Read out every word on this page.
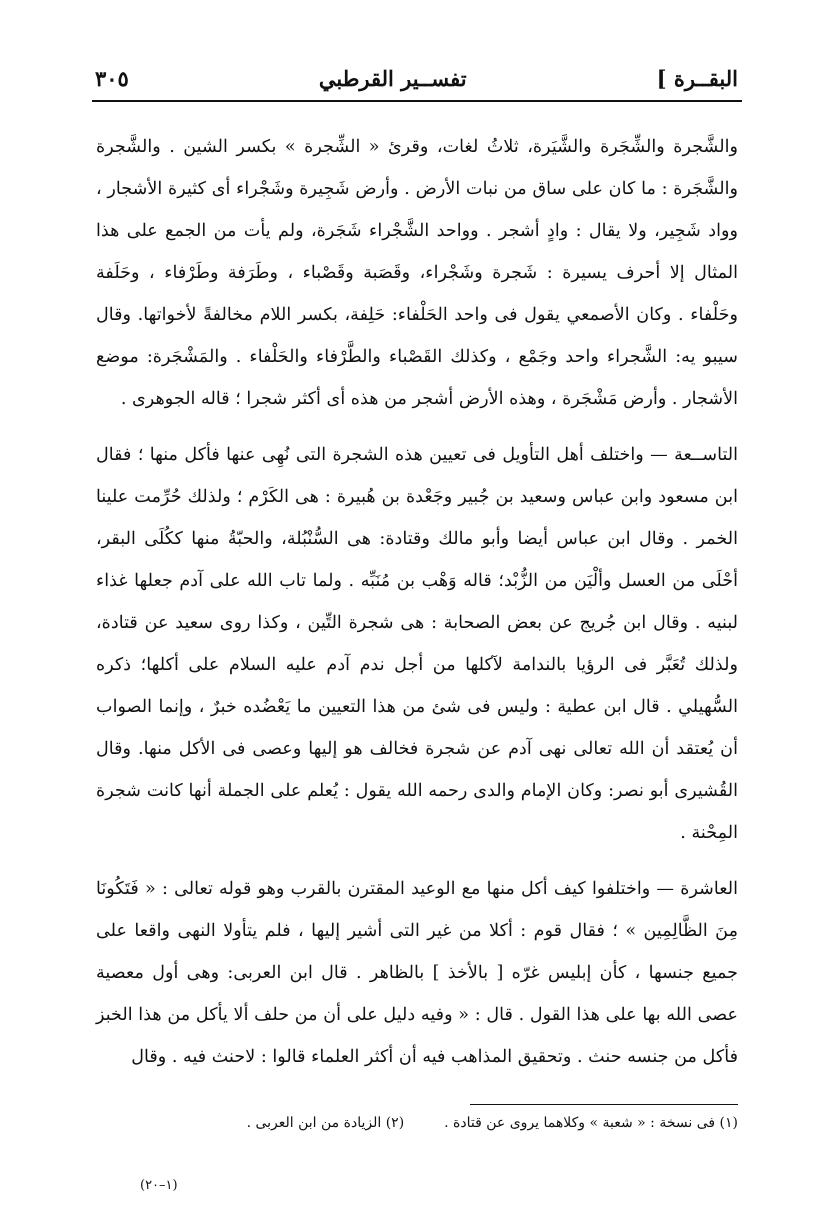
٣٠٥	تفســير القرطبي	البقــرة ]

والشَّجرة والشِّجَرة والشَّيَرة، ثلاثُ لغات، وقرئ « الشِّجرة » بكسر الشين . والشَّجرة والشَّجَرة : ما كان على ساق من نبات الأرض . وأرض شَجِيرة وشَجْراء أى كثيرة الأشجار ، وواد شَجِير، ولا يقال : وادٍ أشجر . وواحد الشَّجْراء شَجَرة، ولم يأت من الجمع على هذا المثال إلا أحرف يسيرة : شَجرة وشَجْراء، وقَصَبة وقَصْباء ، وطَرَفة وطَرْفاء ، وحَلَفة وحَلْفاء . وكان الأصمعي يقول فى واحد الحَلْفاء: حَلِفة، بكسر اللام مخالفةً لأخواتها. وقال سيبو يه: الشَّجراء واحد وجَمْع ، وكذلك القَصْباء والطَّرْفاء والحَلْفاء . والمَشْجَرة: موضع الأشجار . وأرض مَشْجَرة ، وهذه الأرض أشجر من هذه أى أكثر شجرا ؛ قاله الجوهرى .

التاســعة — واختلف أهل التأويل فى تعيين هذه الشجرة التى نُهِى عنها فأكل منها ؛ فقال ابن مسعود وابن عباس وسعيد بن جُبير وجَعْدة بن هُبيرة : هى الكَرْم ؛ ولذلك حُرِّمت علينا الخمر . وقال ابن عباس أيضا وأبو مالك وقتادة: هى السُّنْبُلة، والحبّةُ منها ككُلَى البقر، أحْلَى من العسل وألْيَن من الزُّبْد؛ قاله وَهْب بن مُنَبِّه . ولما تاب الله على آدم جعلها غذاء لبنيه . وقال ابن جُريج عن بعض الصحابة : هى شجرة التِّين ، وكذا روى سعيد عن قتادة، ولذلك تُعَبَّر فى الرؤيا بالندامة لآكلها من أجل ندم آدم عليه السلام على أكلها؛ ذكره السُّهيلي . قال ابن عطية : وليس فى شئ من هذا التعيين ما يَعْضُده خبرٌ ، وإنما الصواب أن يُعتقد أن الله تعالى نهى آدم عن شجرة فخالف هو إليها وعصى فى الأكل منها. وقال القُشيرى أبو نصر: وكان الإمام والدى رحمه الله يقول : يُعلم على الجملة أنها كانت شجرة المِحْنة .

العاشرة — واختلفوا كيف أكل منها مع الوعيد المقترن بالقرب وهو قوله تعالى : « فَتَكُونَا مِنَ الظَّالِمِين » ؛ فقال قوم : أكلا من غير التى أشير إليها ، فلم يتأولا النهى واقعا على جميع جنسها ، كأن إبليس غرّه [ بالأخذ ] بالظاهر . قال ابن العربى: وهى أول معصية عصى الله بها على هذا القول . قال : « وفيه دليل على أن من حلف ألا يأكل من هذا الخبز فأكل من جنسه حنث . وتحقيق المذاهب فيه أن أكثر العلماء قالوا : لاحنث فيه . وقال

(١) فى نسخة : « شعبة » وكلاهما يروى عن قتادة .
(٢) الزيادة من ابن العربى .
(١–٢٠)
